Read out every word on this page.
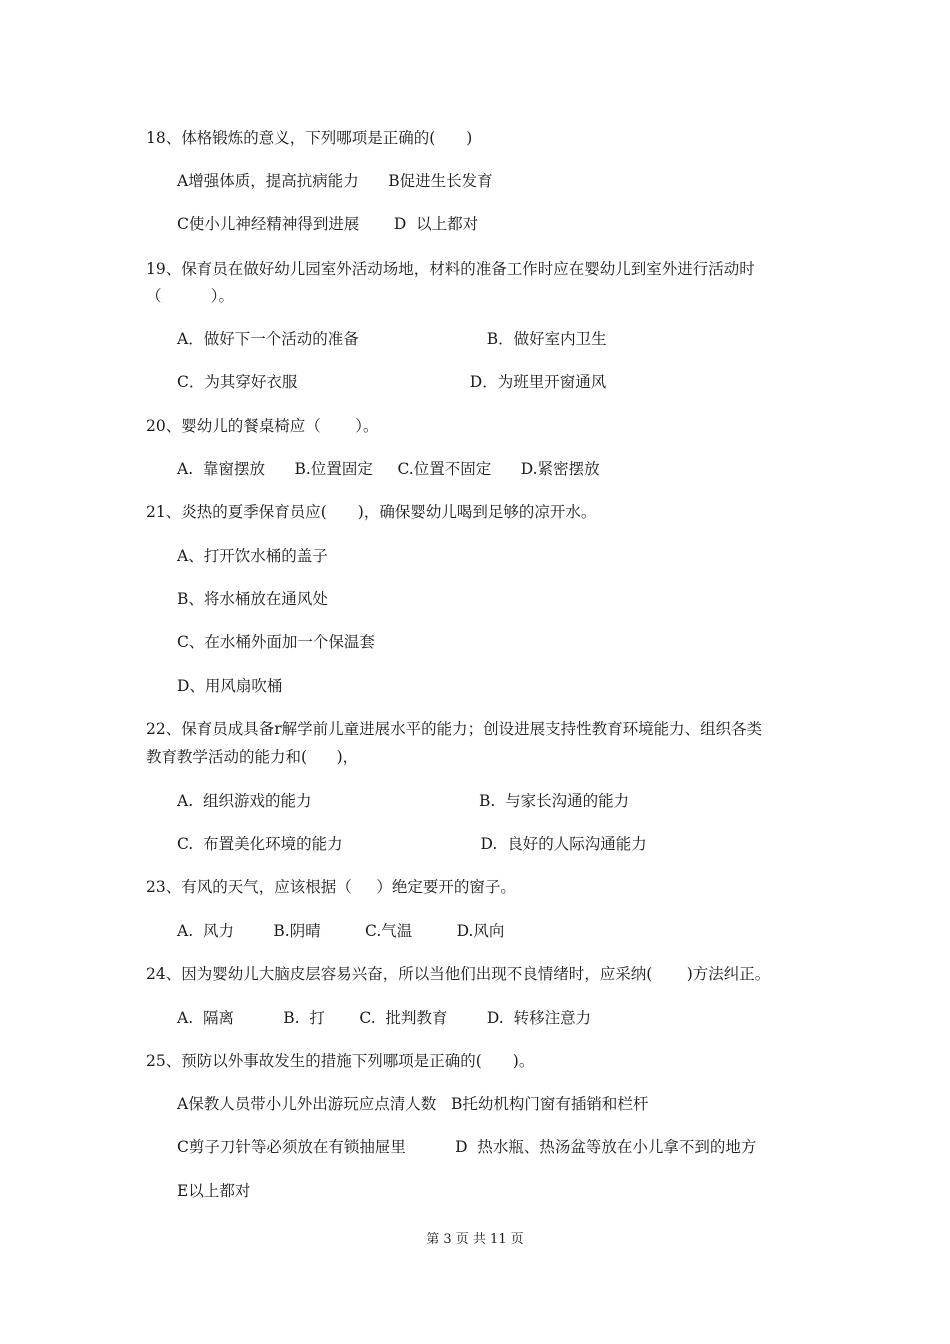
18、体格锻炼的意义，下列哪项是正确的(　　)
A增强体质，提高抗病能力      B促进生长发育
C使小儿神经精神得到进展       D  以上都对
19、保育员在做好幼儿园室外活动场地，材料的准备工作时应在婴幼儿到室外进行活动时
（          ）。
A．做好下一个活动的准备                          B．做好室内卫生
C．为其穿好衣服                                   D．为班里开窗通风
20、婴幼儿的餐桌椅应（       ）。
A.  靠窗摆放      B.位置固定     C.位置不固定      D.紧密摆放
21、炎热的夏季保育员应(　　)，确保婴幼儿喝到足够的凉开水。
A、打开饮水桶的盖子
B、将水桶放在通风处
C、在水桶外面加一个保温套
D、用风扇吹桶
22、保育员成具备r解学前儿童进展水平的能力；创设进展支持性教育环境能力、组织各类
教育教学活动的能力和(      )，
A.  组织游戏的能力                                  B.  与家长沟通的能力
C.  布置美化环境的能力                            D.  良好的人际沟通能力
23、有风的天气，应该根据（     ）绝定要开的窗子。
A.  风力        B.阴晴         C.气温         D.风向
24、因为婴幼儿大脑皮层容易兴奋，所以当他们出现不良情绪时，应采纳(       )方法纠正。
A.  隔离          B.  打       C.  批判教育        D.  转移注意力
25、预防以外事故发生的措施下列哪项是正确的(　　)。
A保教人员带小儿外出游玩应点清人数   B托幼机构门窗有插销和栏杆
C剪子刀针等必须放在有锁抽屉里          D  热水瓶、热汤盆等放在小儿拿不到的地方
E以上都对
第 3 页 共 11 页
